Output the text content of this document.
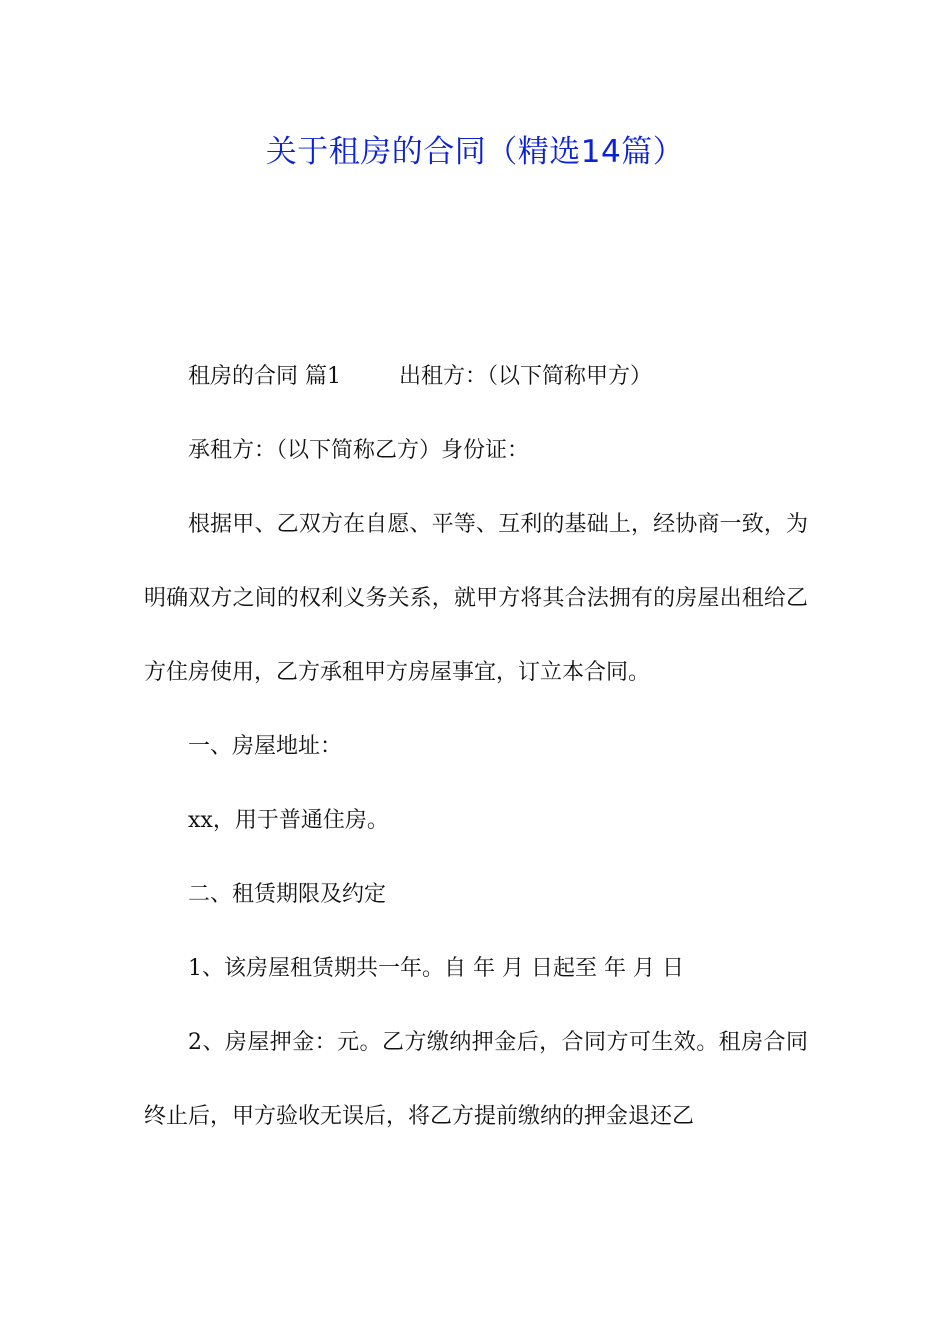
关于租房的合同（精选14篇）

租房的合同 篇1	出租方：（以下简称甲方）

承租方：（以下简称乙方）身份证：

根据甲、乙双方在自愿、平等、互利的基础上，经协商一致，为明确双方之间的权利义务关系，就甲方将其合法拥有的房屋出租给乙方住房使用，乙方承租甲方房屋事宜，订立本合同。

一、房屋地址：

xx，用于普通住房。

二、租赁期限及约定

1、该房屋租赁期共一年。自 年 月 日起至 年 月 日

2、房屋押金：元。乙方缴纳押金后，合同方可生效。租房合同终止后，甲方验收无误后，将乙方提前缴纳的押金退还乙
